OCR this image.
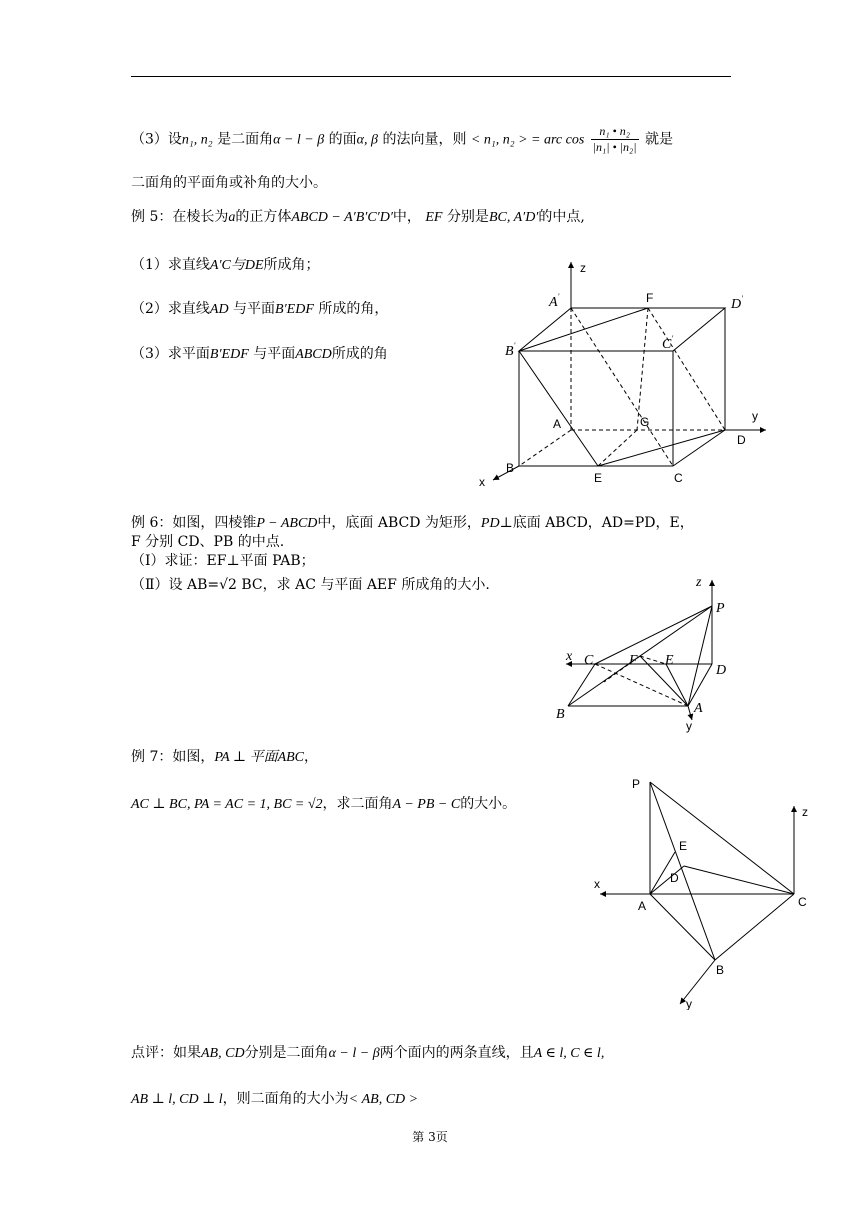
（3）设n₁, n₂ 是二面角α − l − β 的面α, β 的法向量，则 < n₁, n₂ > = arc $\cos \frac{\text{n₁ • n₂}}{\text{|n₁| • |n₂|}}$ 就是
二面角的平面角或补角的大小。
例 5：在棱长为a的正方体ABCD − A′B′C′D′中， EF 分别是BC, A′D′的中点,
（1）求直线A′C与DE所成角；
（2）求直线AD 与平面B′EDF 所成的角，
（3）求平面B′EDF 与平面ABCD所成的角
z
y
x
A'	F	D'
B'	C'
A	G
D
B
E	C
例 6：如图，四棱锥P − ABCD中，底面 ABCD 为矩形，PD⊥底面 ABCD，AD=PD，E，
F 分别 CD、PB 的中点.
（Ⅰ）求证：EF⊥平面 PAB；
（Ⅱ）设 AB=√2 BC，求 AC 与平面 AEF 所成角的大小.	z
P
x C	F E
D
B	A
y
例 7：如图，PA ⊥ 平面ABC，
AC ⊥ BC, PA = AC = 1, BC = √2，求二面角A − PB − C的大小。
P
z
E
x	D
A	C
B
y
点评：如果AB, CD分别是二面角α − l − β两个面内的两条直线，且A ∈ l, C ∈ l,
AB ⊥ l, CD ⊥ l，则二面角的大小为< AB, CD >
第 3页
